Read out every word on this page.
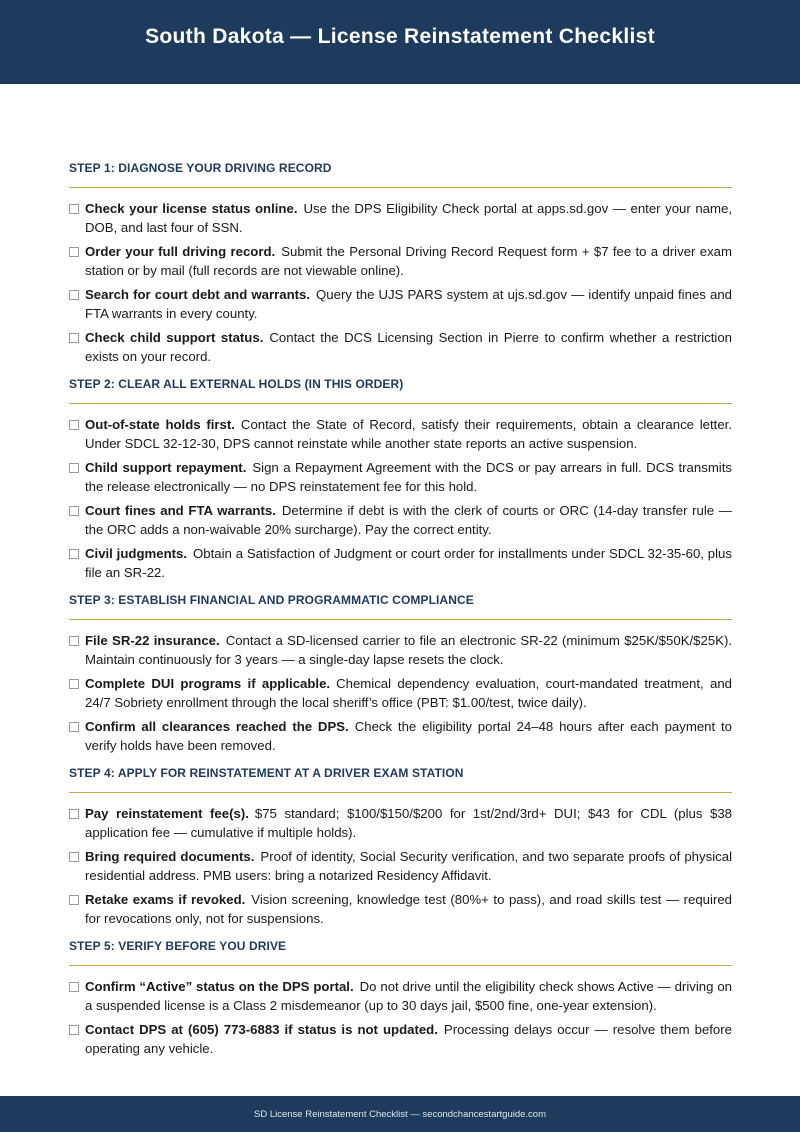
South Dakota — License Reinstatement Checklist
STEP 1: DIAGNOSE YOUR DRIVING RECORD
Check your license status online. Use the DPS Eligibility Check portal at apps.sd.gov — enter your name, DOB, and last four of SSN.
Order your full driving record. Submit the Personal Driving Record Request form + $7 fee to a driver exam station or by mail (full records are not viewable online).
Search for court debt and warrants. Query the UJS PARS system at ujs.sd.gov — identify unpaid fines and FTA warrants in every county.
Check child support status. Contact the DCS Licensing Section in Pierre to confirm whether a restriction exists on your record.
STEP 2: CLEAR ALL EXTERNAL HOLDS (IN THIS ORDER)
Out-of-state holds first. Contact the State of Record, satisfy their requirements, obtain a clearance letter. Under SDCL 32-12-30, DPS cannot reinstate while another state reports an active suspension.
Child support repayment. Sign a Repayment Agreement with the DCS or pay arrears in full. DCS transmits the release electronically — no DPS reinstatement fee for this hold.
Court fines and FTA warrants. Determine if debt is with the clerk of courts or ORC (14-day transfer rule — the ORC adds a non-waivable 20% surcharge). Pay the correct entity.
Civil judgments. Obtain a Satisfaction of Judgment or court order for installments under SDCL 32-35-60, plus file an SR-22.
STEP 3: ESTABLISH FINANCIAL AND PROGRAMMATIC COMPLIANCE
File SR-22 insurance. Contact a SD-licensed carrier to file an electronic SR-22 (minimum $25K/$50K/$25K). Maintain continuously for 3 years — a single-day lapse resets the clock.
Complete DUI programs if applicable. Chemical dependency evaluation, court-mandated treatment, and 24/7 Sobriety enrollment through the local sheriff’s office (PBT: $1.00/test, twice daily).
Confirm all clearances reached the DPS. Check the eligibility portal 24–48 hours after each payment to verify holds have been removed.
STEP 4: APPLY FOR REINSTATEMENT AT A DRIVER EXAM STATION
Pay reinstatement fee(s). $75 standard; $100/$150/$200 for 1st/2nd/3rd+ DUI; $43 for CDL (plus $38 application fee — cumulative if multiple holds).
Bring required documents. Proof of identity, Social Security verification, and two separate proofs of physical residential address. PMB users: bring a notarized Residency Affidavit.
Retake exams if revoked. Vision screening, knowledge test (80%+ to pass), and road skills test — required for revocations only, not for suspensions.
STEP 5: VERIFY BEFORE YOU DRIVE
Confirm “Active” status on the DPS portal. Do not drive until the eligibility check shows Active — driving on a suspended license is a Class 2 misdemeanor (up to 30 days jail, $500 fine, one-year extension).
Contact DPS at (605) 773-6883 if status is not updated. Processing delays occur — resolve them before operating any vehicle.
SD License Reinstatement Checklist — secondchancestartguide.com
